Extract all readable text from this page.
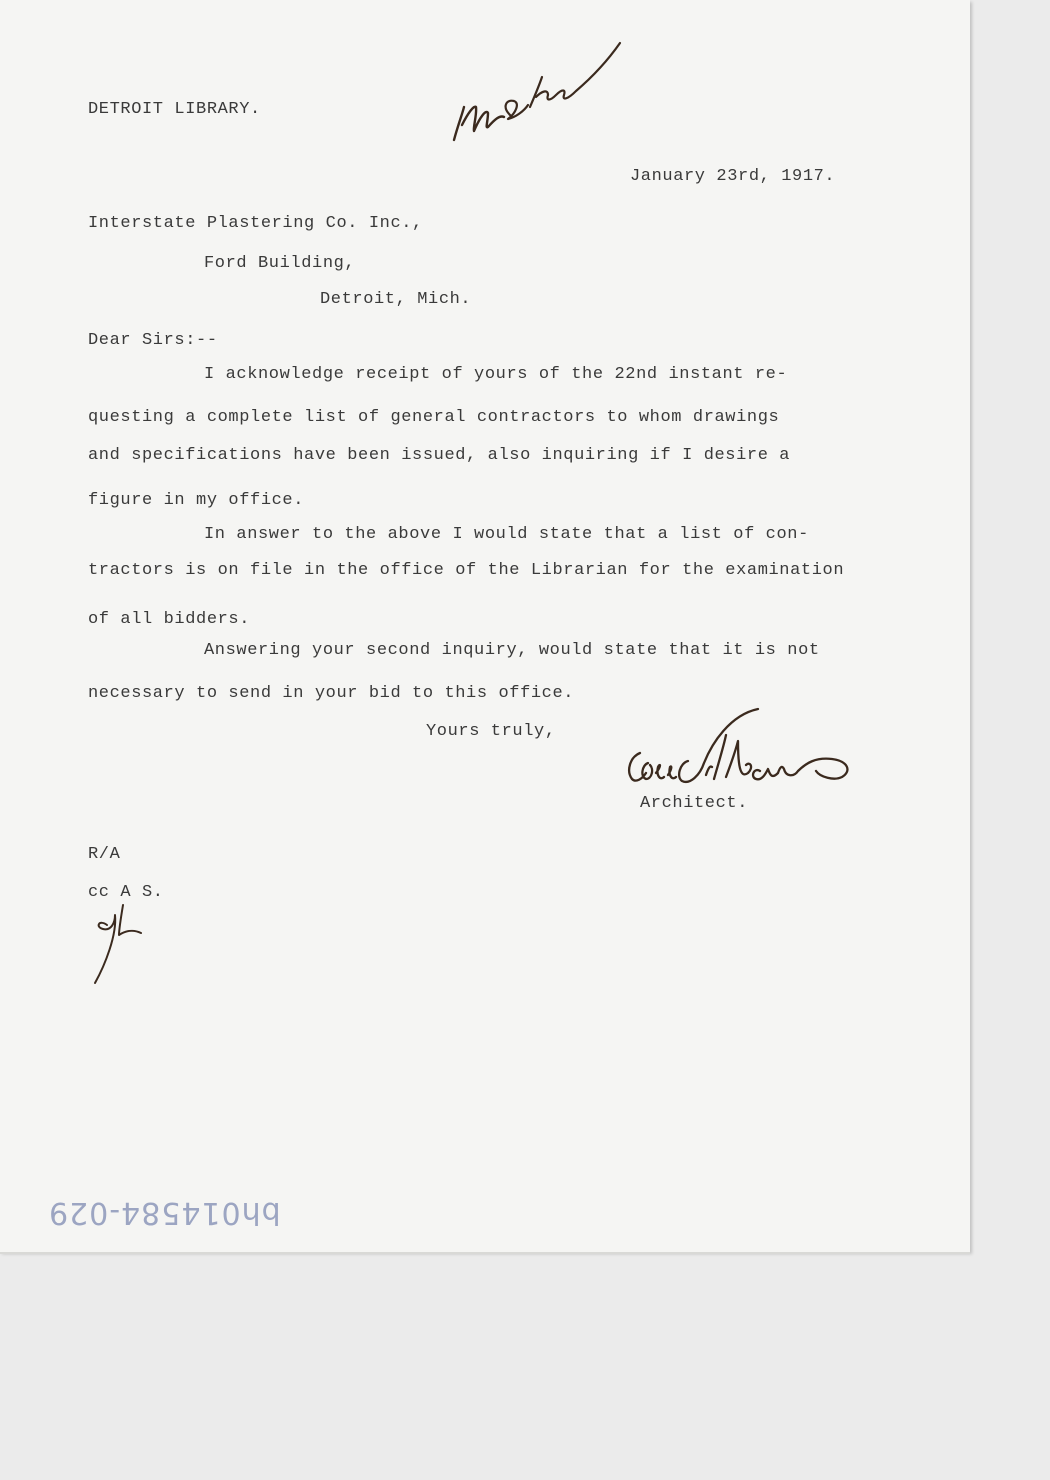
DETROIT LIBRARY.
January 23rd, 1917.
Interstate Plastering Co. Inc.,
Ford Building,
Detroit, Mich.
Dear Sirs:--
I acknowledge receipt of yours of the 22nd instant re-
questing a complete list of general contractors to whom drawings
and specifications have been issued, also inquiring if I desire a
figure in my office.
In answer to the above I would state that a list of con-
tractors is on file in the office of the Librarian for the examination
of all bidders.
Answering your second inquiry, would state that it is not
necessary to send in your bid to this office.
Yours truly,
Architect.
R/A
cc A S.
bh014584-029
